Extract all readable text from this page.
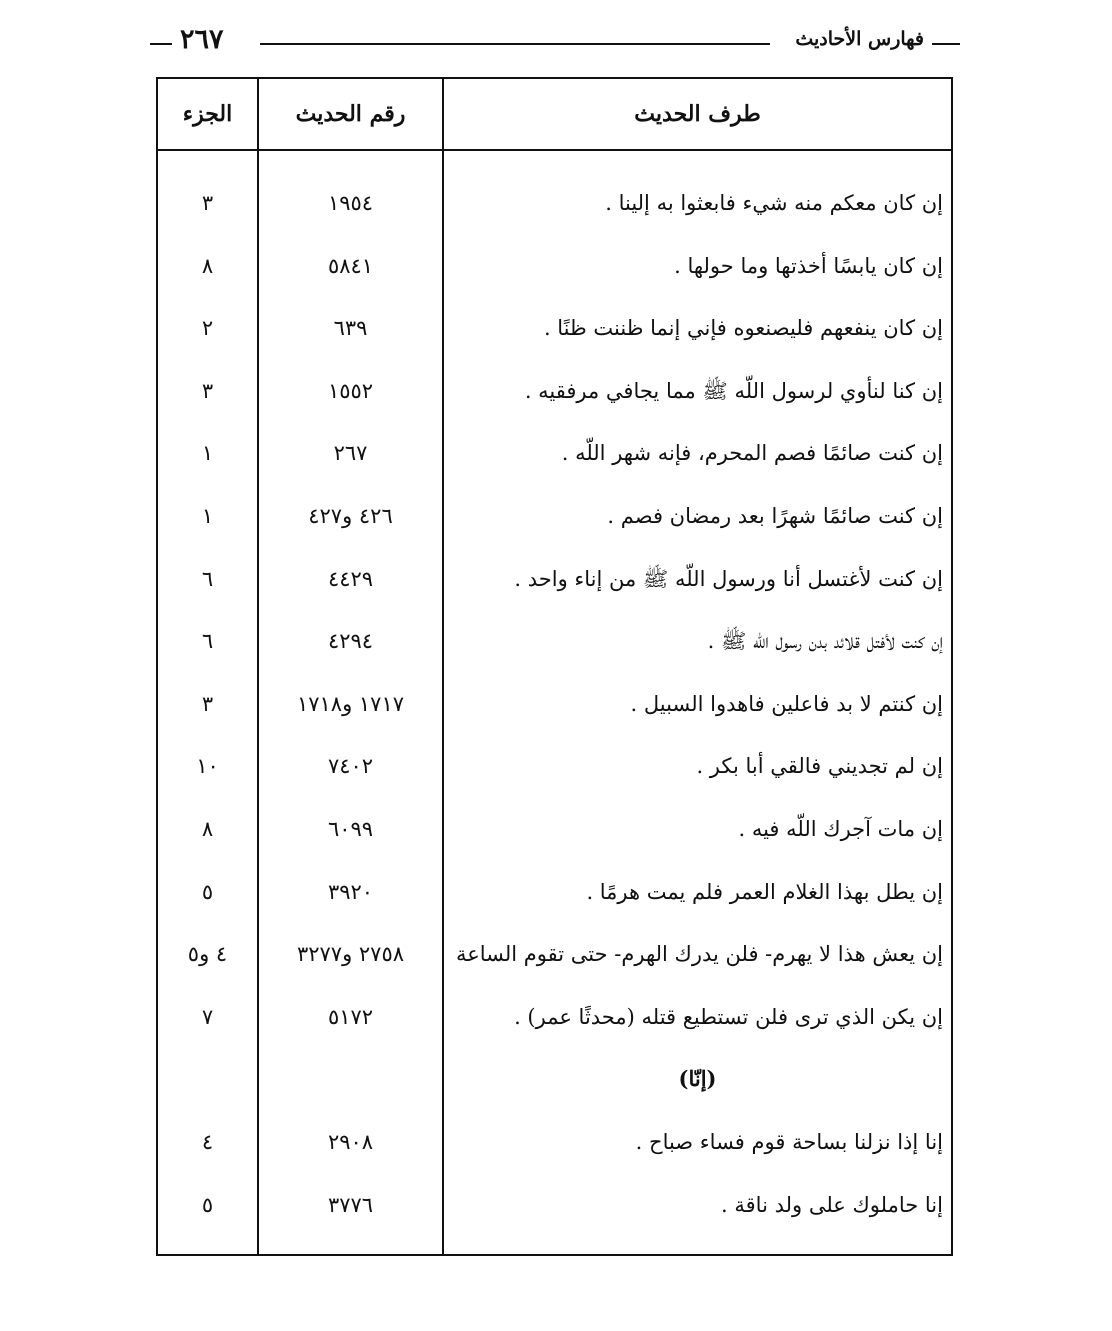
فهارس الأحاديث
٢٦٧
طرف الحديث
رقم الحديث
الجزء
إن كان معكم منه شيء فابعثوا به إلينا .
١٩٥٤
٣
إن كان يابسًا أخذتها وما حولها .
٥٨٤١
٨
إن كان ينفعهم فليصنعوه فإني إنما ظننت ظنًا .
٦٣٩
٢
إن كنا لنأوي لرسول اللّه ﷺ مما يجافي مرفقيه .
١٥٥٢
٣
إن كنت صائمًا فصم المحرم، فإنه شهر اللّه .
٢٦٧
١
إن كنت صائمًا شهرًا بعد رمضان فصم .
٤٢٦ و٤٢٧
١
إن كنت لأغتسل أنا ورسول اللّه ﷺ من إناء واحد .
٤٤٢٩
٦
إن كنت لأفتل قلائد بدن رسول اللّه ﷺ .
٤٢٩٤
٦
إن كنتم لا بد فاعلين فاهدوا السبيل .
١٧١٧ و١٧١٨
٣
إن لم تجديني فالقي أبا بكر .
٧٤٠٢
١٠
إن مات آجرك اللّه فيه .
٦٠٩٩
٨
إن يطل بهذا الغلام العمر فلم يمت هرمًا .
٣٩٢٠
٥
إن يعش هذا لا يهرم- فلن يدرك الهرم- حتى تقوم الساعة
٢٧٥٨ و٣٢٧٧
٤ و٥
إن يكن الذي ترى فلن تستطيع قتله (محدثًا عمر) .
٥١٧٢
٧
(إنّا)
إنا إذا نزلنا بساحة قوم فساء صباح .
٢٩٠٨
٤
إنا حاملوك على ولد ناقة .
٣٧٧٦
٥
